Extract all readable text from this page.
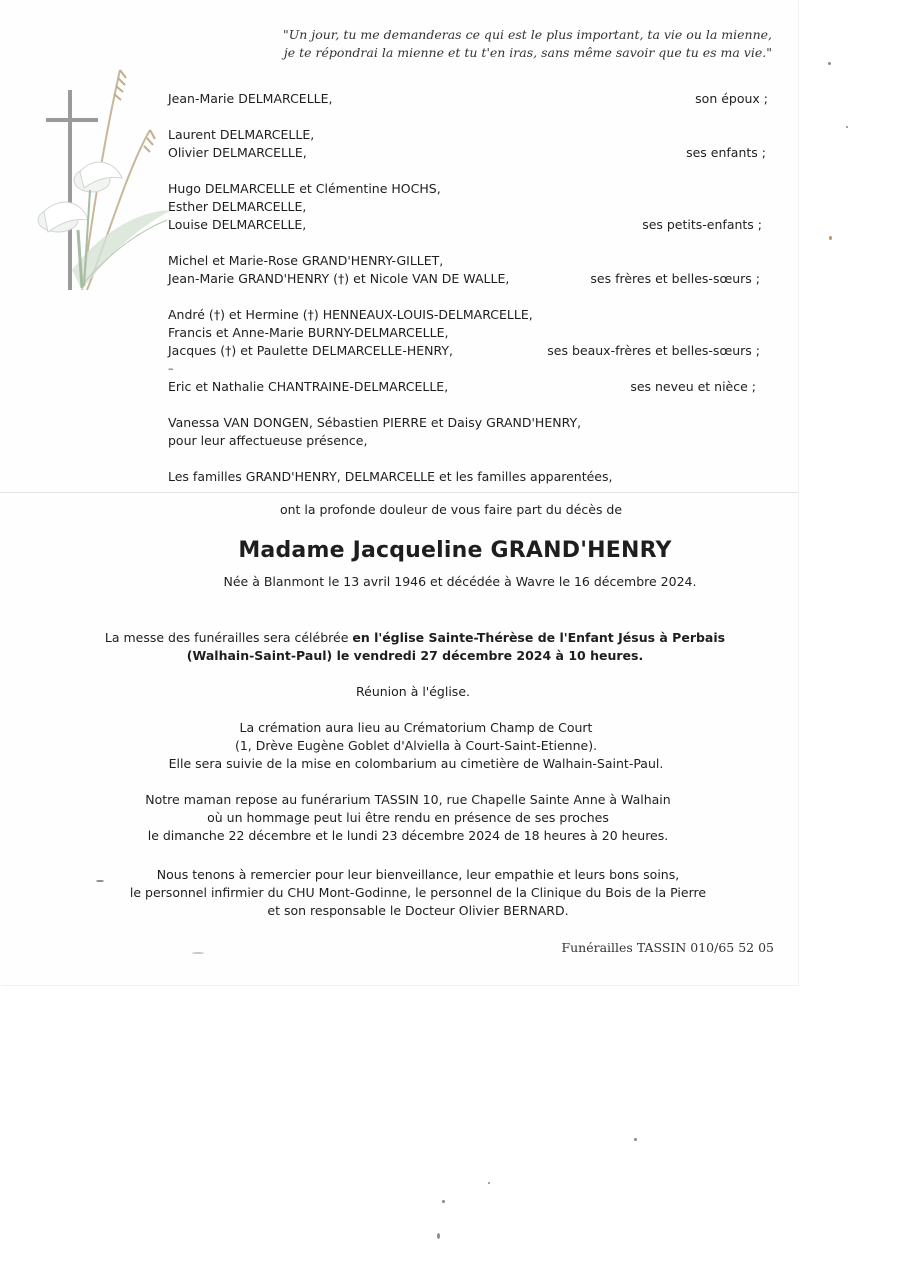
"Un jour, tu me demanderas ce qui est le plus important, ta vie ou la mienne,
je te répondrai la mienne et tu t'en iras, sans même savoir que tu es ma vie."
Jean-Marie DELMARCELLE,	son époux ;
Laurent DELMARCELLE,
Olivier DELMARCELLE,	ses enfants ;
Hugo DELMARCELLE et Clémentine HOCHS,
Esther DELMARCELLE,
Louise DELMARCELLE,	ses petits-enfants ;
Michel et Marie-Rose GRAND'HENRY-GILLET,
Jean-Marie GRAND'HENRY (†) et Nicole VAN DE WALLE,	ses frères et belles-sœurs ;
André (†) et Hermine (†) HENNEAUX-LOUIS-DELMARCELLE,
Francis et Anne-Marie BURNY-DELMARCELLE,
Jacques (†) et Paulette DELMARCELLE-HENRY,	ses beaux-frères et belles-sœurs ;
Eric et Nathalie CHANTRAINE-DELMARCELLE,	ses neveu et nièce ;
Vanessa VAN DONGEN, Sébastien PIERRE et Daisy GRAND'HENRY,
pour leur affectueuse présence,
Les familles GRAND'HENRY, DELMARCELLE et les familles apparentées,
–
ont la profonde douleur de vous faire part du décès de
Madame Jacqueline GRAND'HENRY
Née à Blanmont le 13 avril 1946 et décédée à Wavre le 16 décembre 2024.
La messe des funérailles sera célébrée en l'église Sainte-Thérèse de l'Enfant Jésus à Perbais
(Walhain-Saint-Paul) le vendredi 27 décembre 2024 à 10 heures.
Réunion à l'église.
La crémation aura lieu au Crématorium Champ de Court
(1, Drève Eugène Goblet d'Alviella à Court-Saint-Etienne).
Elle sera suivie de la mise en colombarium au cimetière de Walhain-Saint-Paul.
Notre maman repose au funérarium TASSIN 10, rue Chapelle Sainte Anne à Walhain
où un hommage peut lui être rendu en présence de ses proches
le dimanche 22 décembre et le lundi 23 décembre 2024 de 18 heures à 20 heures.
Nous tenons à remercier pour leur bienveillance, leur empathie et leurs bons soins,
le personnel infirmier du CHU Mont-Godinne, le personnel de la Clinique du Bois de la Pierre
et son responsable le Docteur Olivier BERNARD.
Funérailles TASSIN 010/65 52 05
